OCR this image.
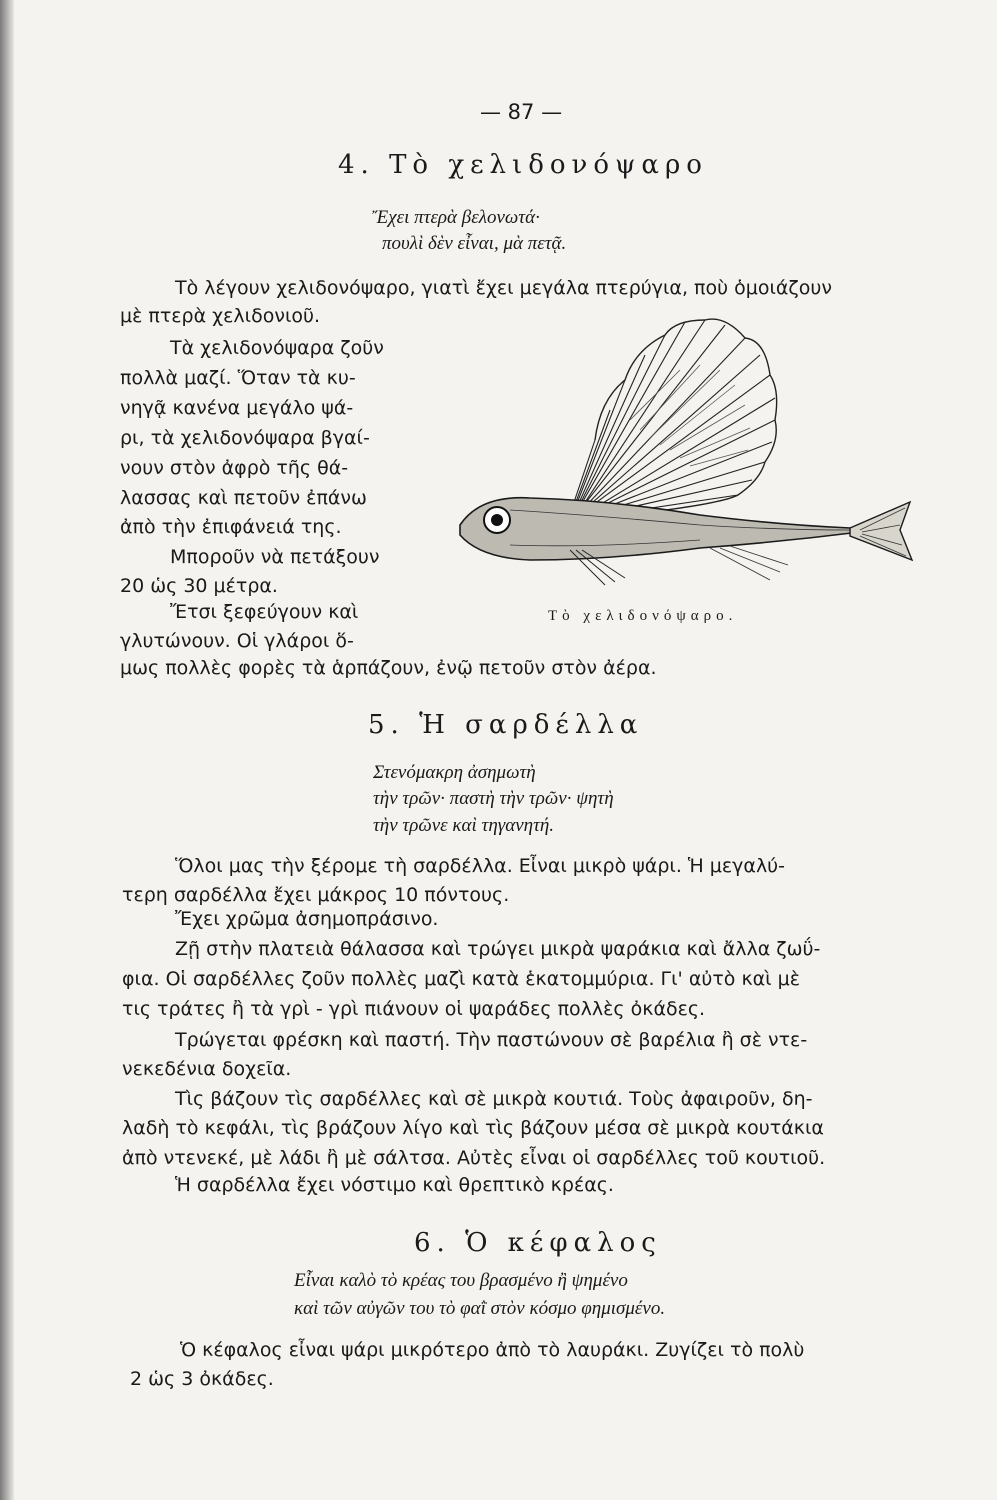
— 87 —
4. Τὸ χελιδονόψαρο
Ἔχει πτερὰ βελονωτά·
πουλὶ δὲν εἶναι, μὰ πετᾷ.
Τὸ λέγουν χελιδονόψαρο, γιατὶ ἔχει μεγάλα πτερύγια, ποὺ ὁμοιάζουν
μὲ πτερὰ χελιδονιοῦ.
Τὰ χελιδονόψαρα ζοῦν
πολλὰ μαζί. Ὅταν τὰ κυ-
νηγᾷ κανένα μεγάλο ψά-
ρι, τὰ χελιδονόψαρα βγαί-
νουν στὸν ἀφρὸ τῆς θά-
λασσας καὶ πετοῦν ἐπάνω
ἀπὸ τὴν ἐπιφάνειά της.
Μποροῦν νὰ πετάξουν
20 ὡς 30 μέτρα.
Ἔτσι ξεφεύγουν καὶ
γλυτώνουν. Οἱ γλάροι ὅ-
μως πολλὲς φορὲς τὰ ἁρπάζουν, ἐνῷ πετοῦν στὸν ἀέρα.
Τὸ χελιδονόψαρο.
5. Ἡ σαρδέλλα
Στενόμακρη ἀσημωτὴ
τὴν τρῶν· παστὴ τὴν τρῶν· ψητὴ
τὴν τρῶνε καὶ τηγανητή.
Ὅλοι μας τὴν ξέρομε τὴ σαρδέλλα. Εἶναι μικρὸ ψάρι. Ἡ μεγαλύ-
τερη σαρδέλλα ἔχει μάκρος 10 πόντους.
Ἔχει χρῶμα ἀσημοπράσινο.
Ζῇ στὴν πλατειὰ θάλασσα καὶ τρώγει μικρὰ ψαράκια καὶ ἄλλα ζωΰ-
φια. Οἱ σαρδέλλες ζοῦν πολλὲς μαζὶ κατὰ ἑκατομμύρια. Γι' αὐτὸ καὶ μὲ
τις τράτες ἢ τὰ γρὶ - γρὶ πιάνουν οἱ ψαράδες πολλὲς ὀκάδες.
Τρώγεται φρέσκη καὶ παστή. Τὴν παστώνουν σὲ βαρέλια ἢ σὲ ντε-
νεκεδένια δοχεῖα.
Τὶς βάζουν τὶς σαρδέλλες καὶ σὲ μικρὰ κουτιά. Τοὺς ἀφαιροῦν, δη-
λαδὴ τὸ κεφάλι, τὶς βράζουν λίγο καὶ τὶς βάζουν μέσα σὲ μικρὰ κουτάκια
ἀπὸ ντενεκέ, μὲ λάδι ἢ μὲ σάλτσα. Αὐτὲς εἶναι οἱ σαρδέλλες τοῦ κουτιοῦ.
Ἡ σαρδέλλα ἔχει νόστιμο καὶ θρεπτικὸ κρέας.
6. Ὁ κέφαλος
Εἶναι καλὸ τὸ κρέας του βρασμένο ἢ ψημένο
καὶ τῶν αὐγῶν του τὸ φαῒ στὸν κόσμο φημισμένο.
Ὁ κέφαλος εἶναι ψάρι μικρότερο ἀπὸ τὸ λαυράκι. Ζυγίζει τὸ πολὺ
2 ὡς 3 ὀκάδες.
